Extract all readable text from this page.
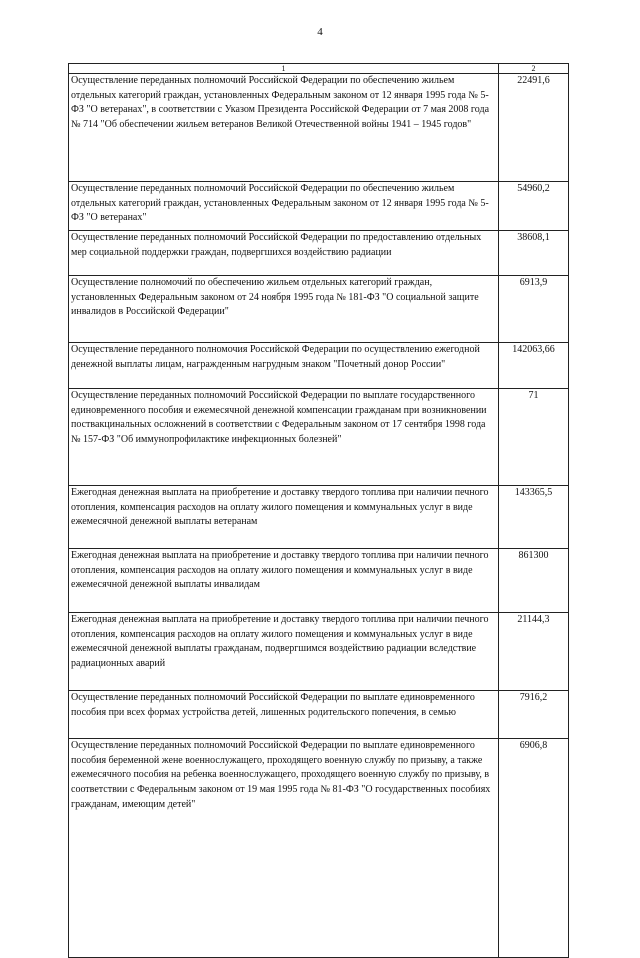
4
1	2
Осуществление переданных полномочий Российской Федерации по обеспечению жильем отдельных категорий граждан, установленных Федеральным законом от 12 января 1995 года № 5-ФЗ "О ветеранах", в соответствии с Указом Президента Российской Федерации от 7 мая 2008 года № 714 "Об обеспечении жильем ветеранов Великой Отечественной войны 1941 – 1945 годов"	22491,6
Осуществление переданных полномочий Российской Федерации по обеспечению жильем отдельных категорий граждан, установленных Федеральным законом от 12 января 1995 года № 5-ФЗ "О ветеранах"	54960,2
Осуществление переданных полномочий Российской Федерации по предоставлению отдельных мер социальной поддержки граждан, подвергшихся воздействию радиации	38608,1
Осуществление полномочий по обеспечению жильем отдельных категорий граждан, установленных Федеральным законом от 24 ноября 1995 года № 181-ФЗ "О социальной защите инвалидов в Российской Федерации"	6913,9
Осуществление переданного полномочия Российской Федерации по осуществлению ежегодной денежной выплаты лицам, награжденным нагрудным знаком "Почетный донор России"	142063,66
Осуществление переданных полномочий Российской Федерации по выплате государственного единовременного пособия и ежемесячной денежной компенсации гражданам при возникновении поствакцинальных осложнений в соответствии с Федеральным законом от 17 сентября 1998 года № 157-ФЗ "Об иммунопрофилактике инфекционных болезней"	71
Ежегодная денежная выплата на приобретение и доставку твердого топлива при наличии печного отопления, компенсация расходов на оплату жилого помещения и коммунальных услуг в виде ежемесячной денежной выплаты ветеранам	143365,5
Ежегодная денежная выплата на приобретение и доставку твердого топлива при наличии печного отопления, компенсация расходов на оплату жилого помещения и коммунальных услуг в виде ежемесячной денежной выплаты инвалидам	861300
Ежегодная денежная выплата на приобретение и доставку твердого топлива при наличии печного отопления, компенсация расходов на оплату жилого помещения и коммунальных услуг в виде ежемесячной денежной выплаты гражданам, подвергшимся воздействию радиации вследствие радиационных аварий	21144,3
Осуществление переданных полномочий Российской Федерации по выплате единовременного пособия при всех формах устройства детей, лишенных родительского попечения, в семью	7916,2
Осуществление переданных полномочий Российской Федерации по выплате единовременного пособия беременной жене военнослужащего, проходящего военную службу по призыву, а также ежемесячного пособия на ребенка военнослужащего, проходящего военную службу по призыву, в соответствии с Федеральным законом от 19 мая 1995 года № 81-ФЗ "О государственных пособиях гражданам, имеющим детей"	6906,8
